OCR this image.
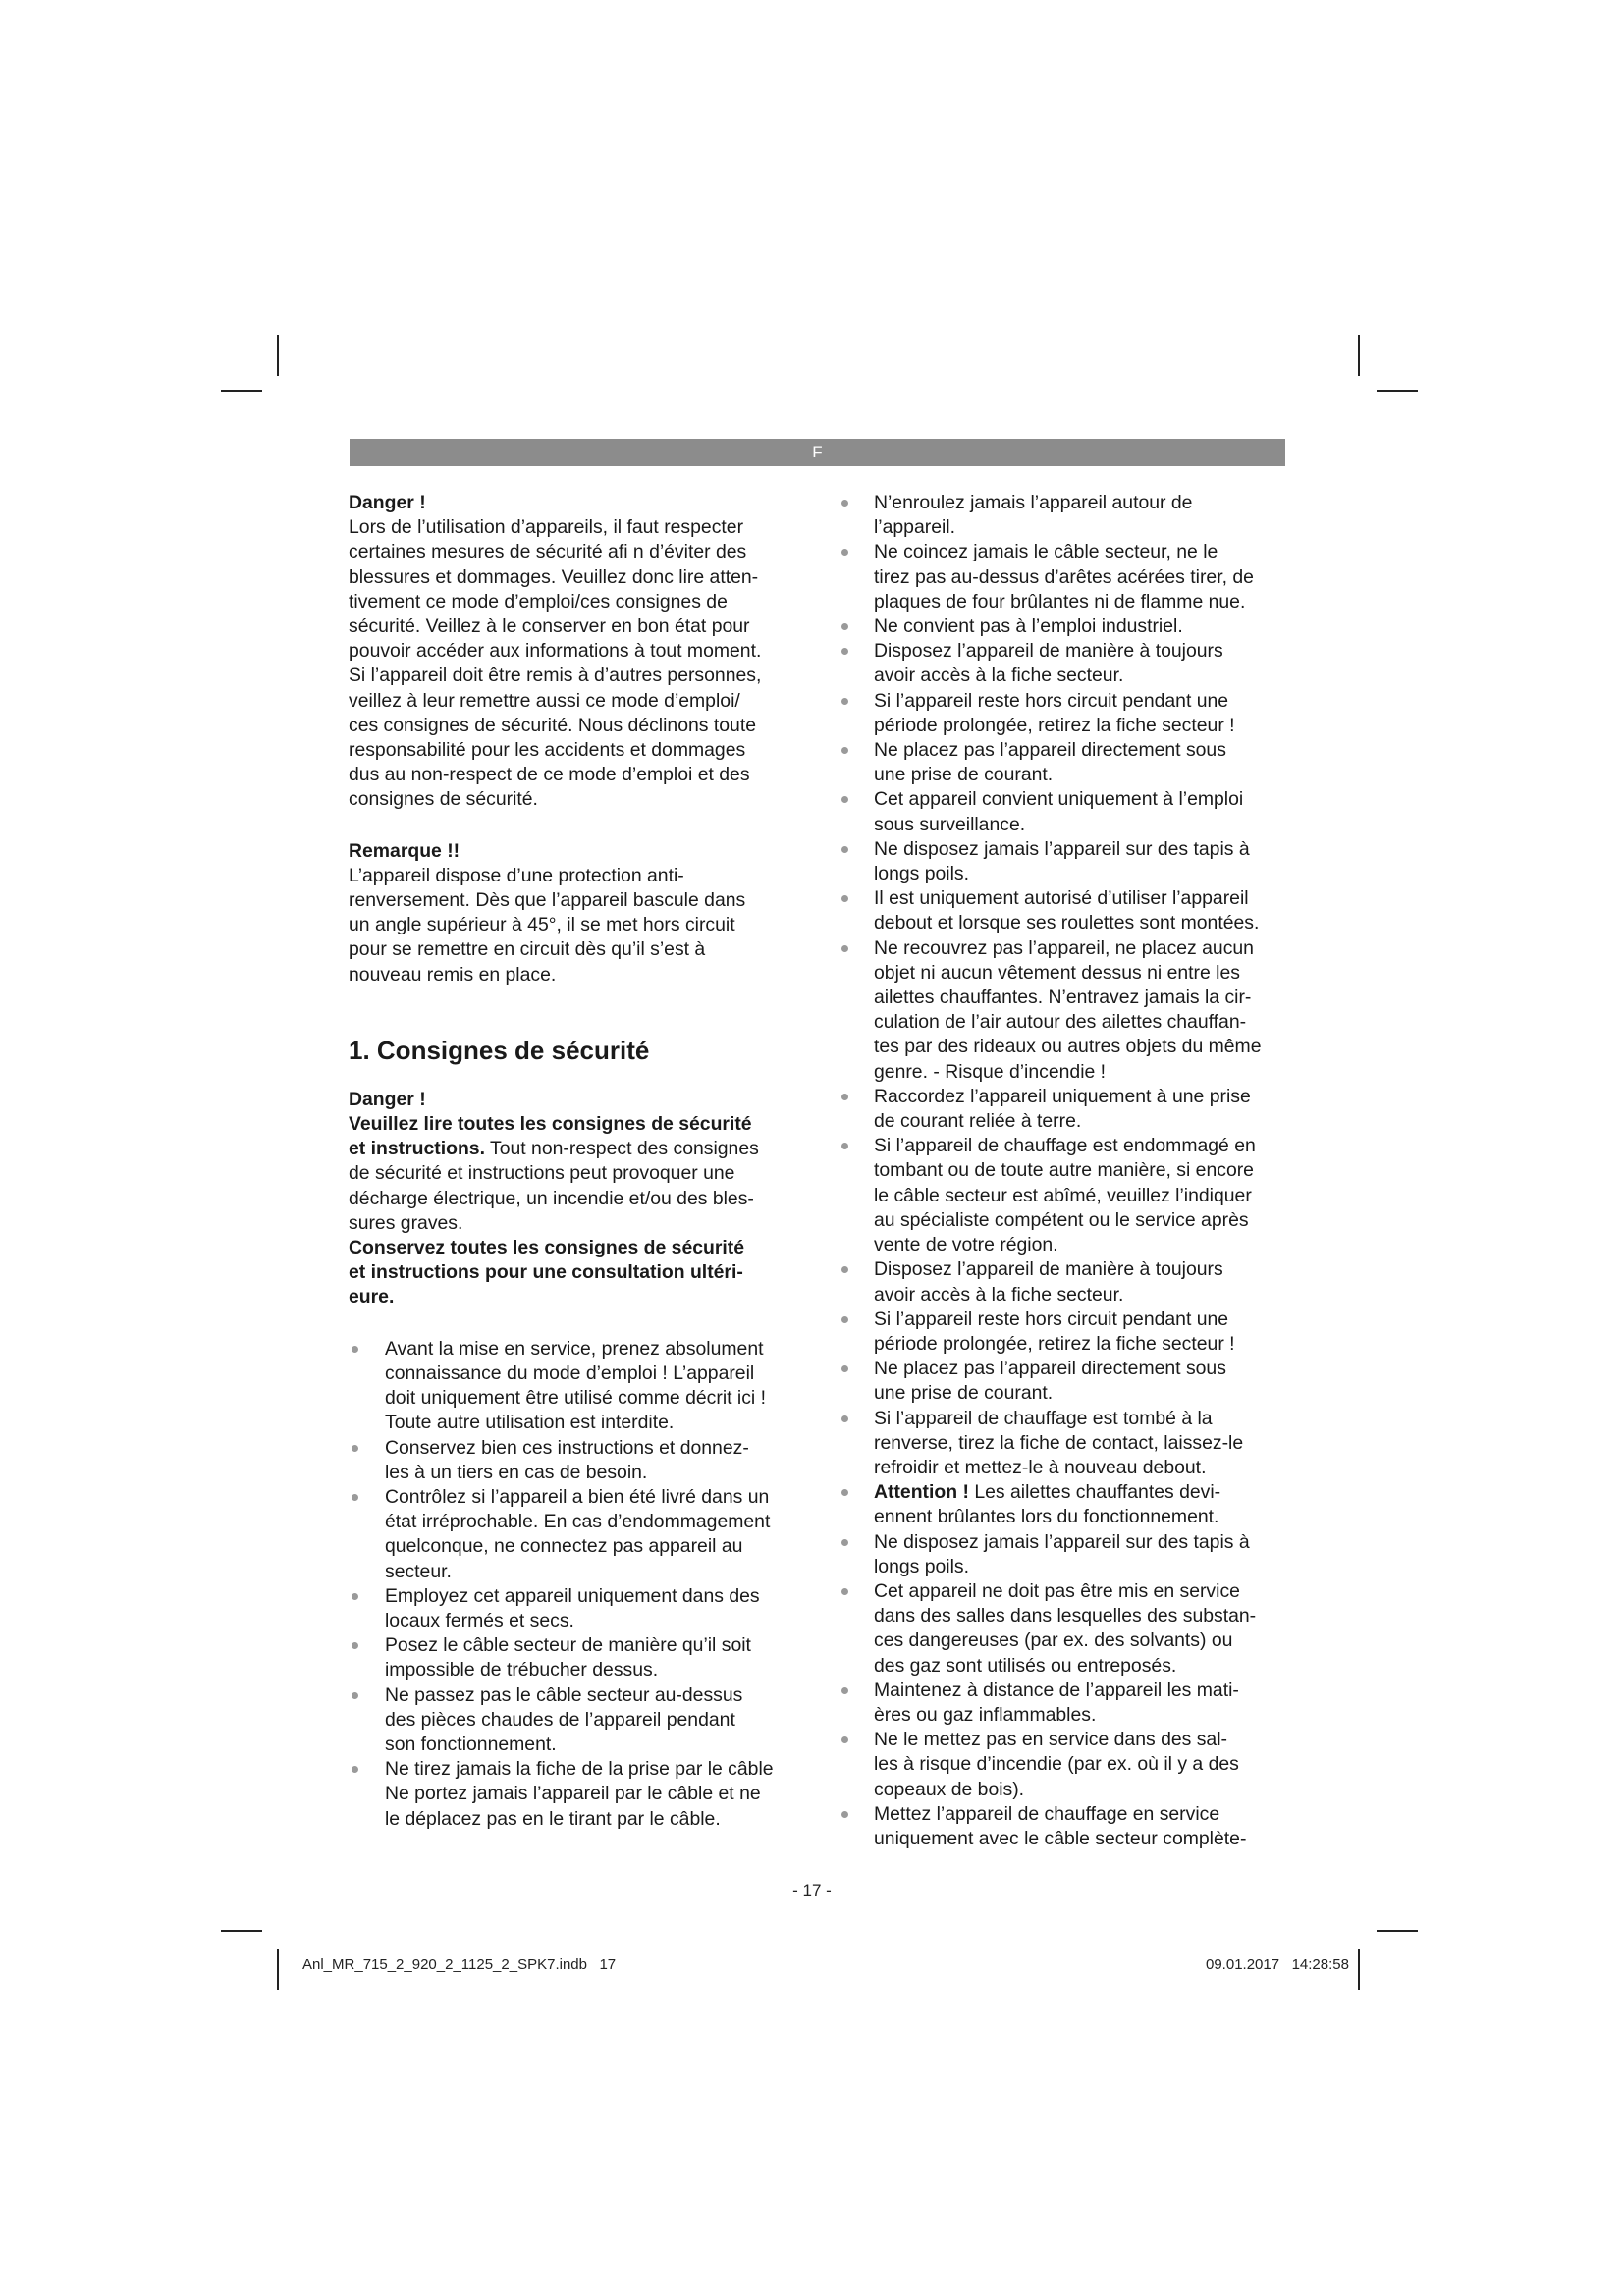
F
Danger !
Lors de l’utilisation d’appareils, il faut respecter
certaines mesures de sécurité afi n d’éviter des
blessures et dommages. Veuillez donc lire atten-
tivement ce mode d’emploi/ces consignes de
sécurité. Veillez à le conserver en bon état pour
pouvoir accéder aux informations à tout moment.
Si l’appareil doit être remis à d’autres personnes,
veillez à leur remettre aussi ce mode d’emploi/
ces consignes de sécurité. Nous déclinons toute
responsabilité pour les accidents et dommages
dus au non-respect de ce mode d’emploi et des
consignes de sécurité.
Remarque !!
L’appareil dispose d’une protection anti-
renversement. Dès que l’appareil bascule dans
un angle supérieur à 45°, il se met hors circuit
pour se remettre en circuit dès qu’il s’est à
nouveau remis en place.
1. Consignes de sécurité
Danger !
Veuillez lire toutes les consignes de sécurité
et instructions. Tout non-respect des consignes
de sécurité et instructions peut provoquer une
décharge électrique, un incendie et/ou des bles-
sures graves.
Conservez toutes les consignes de sécurité
et instructions pour une consultation ultéri-
eure.
Avant la mise en service, prenez absolument
connaissance du mode d’emploi ! L’appareil
doit uniquement être utilisé comme décrit ici !
Toute autre utilisation est interdite.
Conservez bien ces instructions et donnez-
les à un tiers en cas de besoin.
Contrôlez si l’appareil a bien été livré dans un
état irréprochable. En cas d’endommagement
quelconque, ne connectez pas appareil au
secteur.
Employez cet appareil uniquement dans des
locaux fermés et secs.
Posez le câble secteur de manière qu’il soit
impossible de trébucher dessus.
Ne passez pas le câble secteur au-dessus
des pièces chaudes de l’appareil pendant
son fonctionnement.
Ne tirez jamais la fiche de la prise par le câble
Ne portez jamais l’appareil par le câble et ne
le déplacez pas en le tirant par le câble.
N’enroulez jamais l’appareil autour de
l’appareil.
Ne coincez jamais le câble secteur, ne le
tirez pas au-dessus d’arêtes acérées tirer, de
plaques de four brûlantes ni de flamme nue.
Ne convient pas à l’emploi industriel.
Disposez l’appareil de manière à toujours
avoir accès à la fiche secteur.
Si l’appareil reste hors circuit pendant une
période prolongée, retirez la fiche secteur !
Ne placez pas l’appareil directement sous
une prise de courant.
Cet appareil convient uniquement à l’emploi
sous surveillance.
Ne disposez jamais l’appareil sur des tapis à
longs poils.
Il est uniquement autorisé d’utiliser l’appareil
debout et lorsque ses roulettes sont montées.
Ne recouvrez pas l’appareil, ne placez aucun
objet ni aucun vêtement dessus ni entre les
ailettes chauffantes. N’entravez jamais la cir-
culation de l’air autour des ailettes chauffan-
tes par des rideaux ou autres objets du même
genre. - Risque d’incendie !
Raccordez l’appareil uniquement à une prise
de courant reliée à terre.
Si l’appareil de chauffage est endommagé en
tombant ou de toute autre manière, si encore
le câble secteur est abîmé, veuillez l’indiquer
au spécialiste compétent ou le service après
vente de votre région.
Disposez l’appareil de manière à toujours
avoir accès à la fiche secteur.
Si l’appareil reste hors circuit pendant une
période prolongée, retirez la fiche secteur !
Ne placez pas l’appareil directement sous
une prise de courant.
Si l’appareil de chauffage est tombé à la
renverse, tirez la fiche de contact, laissez-le
refroidir et mettez-le à nouveau debout.
Attention ! Les ailettes chauffantes devi-
ennent brûlantes lors du fonctionnement.
Ne disposez jamais l’appareil sur des tapis à
longs poils.
Cet appareil ne doit pas être mis en service
dans des salles dans lesquelles des substan-
ces dangereuses (par ex. des solvants) ou
des gaz sont utilisés ou entreposés.
Maintenez à distance de l’appareil les mati-
ères ou gaz inflammables.
Ne le mettez pas en service dans des sal-
les à risque d’incendie (par ex. où il y a des
copeaux de bois).
Mettez l’appareil de chauffage en service
uniquement avec le câble secteur complète-
- 17 -
Anl_MR_715_2_920_2_1125_2_SPK7.indb   17	09.01.2017   14:28:58
